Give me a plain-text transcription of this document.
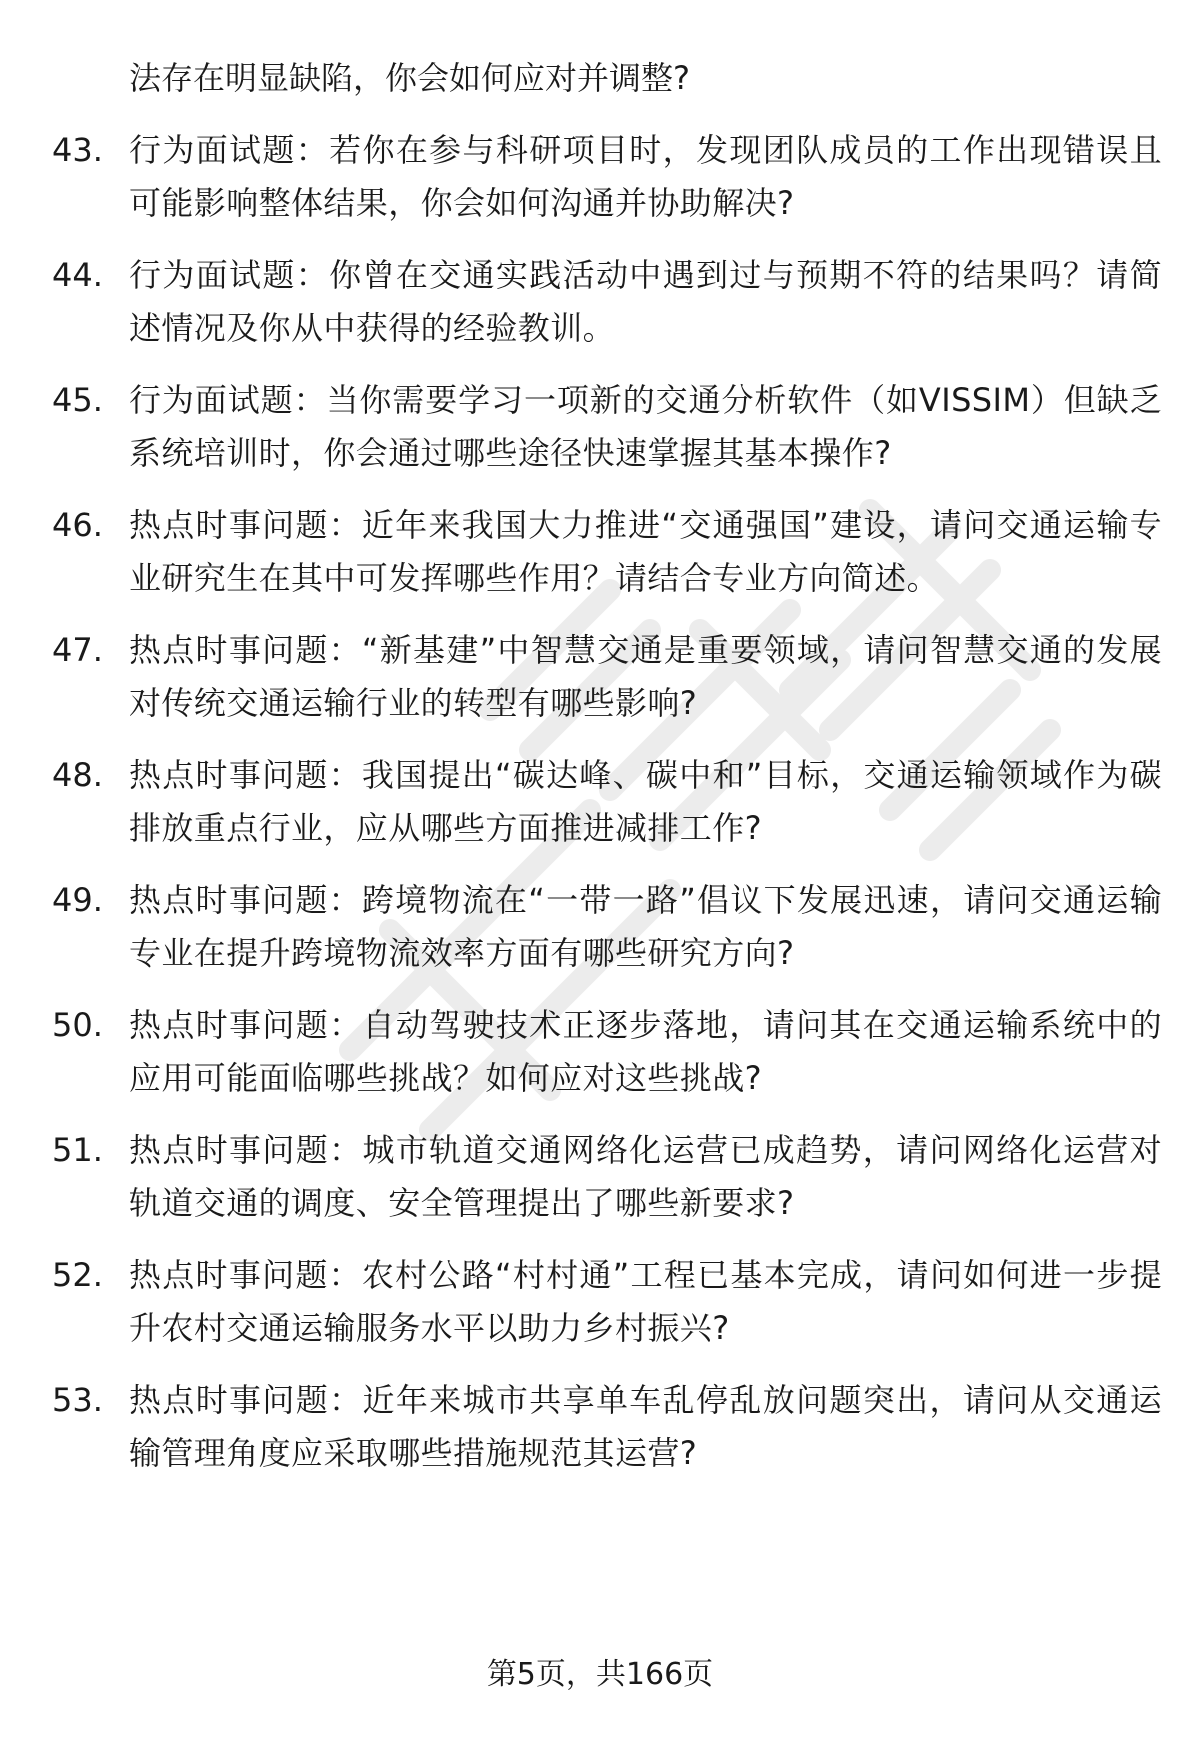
法存在明显缺陷，你会如何应对并调整?
43. 行为面试题：若你在参与科研项目时，发现团队成员的工作出现错误且可能影响整体结果，你会如何沟通并协助解决?
44. 行为面试题：你曾在交通实践活动中遇到过与预期不符的结果吗？请简述情况及你从中获得的经验教训。
45. 行为面试题：当你需要学习一项新的交通分析软件（如VISSIM）但缺乏系统培训时，你会通过哪些途径快速掌握其基本操作?
46. 热点时事问题：近年来我国大力推进“交通强国”建设，请问交通运输专业研究生在其中可发挥哪些作用？请结合专业方向简述。
47. 热点时事问题：“新基建”中智慧交通是重要领域，请问智慧交通的发展对传统交通运输行业的转型有哪些影响?
48. 热点时事问题：我国提出“碳达峰、碳中和”目标，交通运输领域作为碳排放重点行业，应从哪些方面推进减排工作?
49. 热点时事问题：跨境物流在“一带一路”倡议下发展迅速，请问交通运输专业在提升跨境物流效率方面有哪些研究方向?
50. 热点时事问题：自动驾驶技术正逐步落地，请问其在交通运输系统中的应用可能面临哪些挑战？如何应对这些挑战?
51. 热点时事问题：城市轨道交通网络化运营已成趋势，请问网络化运营对轨道交通的调度、安全管理提出了哪些新要求?
52. 热点时事问题：农村公路“村村通”工程已基本完成，请问如何进一步提升农村交通运输服务水平以助力乡村振兴?
53. 热点时事问题：近年来城市共享单车乱停乱放问题突出，请问从交通运输管理角度应采取哪些措施规范其运营?
第5页，共166页
